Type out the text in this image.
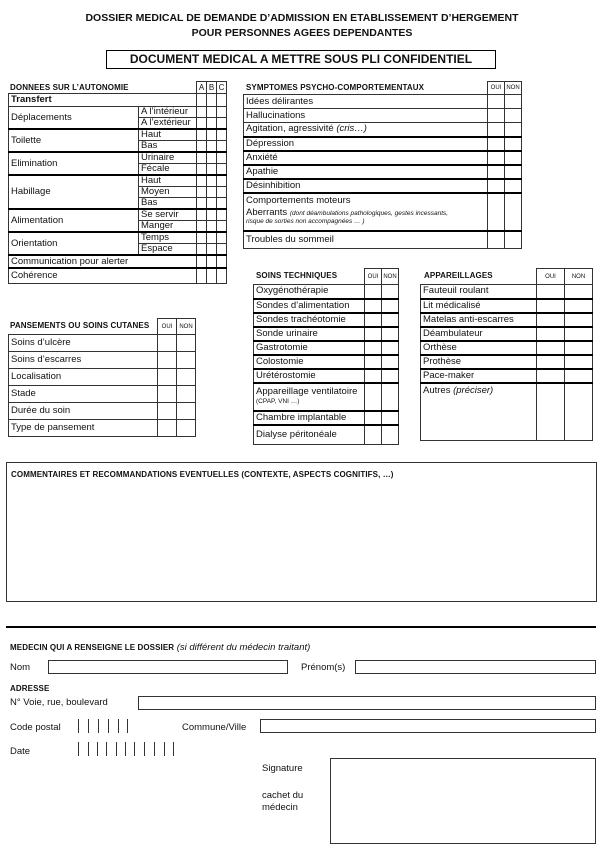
DOSSIER MEDICAL DE DEMANDE D’ADMISSION EN ETABLISSEMENT D’HERGEMENT
POUR PERSONNES AGEES DEPENDANTES
DOCUMENT MEDICAL A METTRE SOUS PLI CONFIDENTIEL
DONNEES SUR L’AUTONOMIE
		A	B	C
Transfert				
Déplacements	A l’intérieur			
	A l’extérieur			
Toilette	Haut			
	Bas			
Elimination	Urinaire			
	Fécale			
Habillage	Haut			
	Moyen			
	Bas			
Alimentation	Se servir			
	Manger			
Orientation	Temps			
	Espace			
Communication pour alerter				
Cohérence				
SYMPTOMES PSYCHO-COMPORTEMENTAUX
		OUI	NON
Idées délirantes		
Hallucinations		
Agitation, agressivité (cris…)		
Dépression		
Anxiété		
Apathie		
Désinhibition		

Comportements moteurs
Aberrants (dont déambulations pathologiques, gestes incessants,
risque de sorties non accompagnées … )		

Troubles du sommeil		
PANSEMENTS OU SOINS CUTANES
	OUI	NON
Soins d’ulcère		
Soins d’escarres		
Localisation		
Stade		
Durée du soin		
Type de pansement		
SOINS TECHNIQUES
		OUI	NON
Oxygénothérapie		
Sondes d’alimentation		
Sondes trachéotomie		
Sonde urinaire		
Gastrotomie		
Colostomie		
Urétérostomie		

Appareillage ventilatoire
(CPAP, VNI …)		

Chambre implantable		
Dialyse péritonéale		
APPAREILLAGES
		OUI	NON
Fauteuil roulant		
Lit médicalisé		
Matelas anti-escarres		
Déambulateur		
Orthèse		
Prothèse		
Pace-maker		
Autres (préciser)		
COMMENTAIRES ET RECOMMANDATIONS EVENTUELLES (CONTEXTE, ASPECTS COGNITIFS, …)
MEDECIN QUI A RENSEIGNE LE DOSSIER (si différent du médecin traitant)
Nom	Prénom(s)
ADRESSE
N° Voie, rue, boulevard
Code postal	Commune/Ville
Date
Signature
cachet du
médecin
